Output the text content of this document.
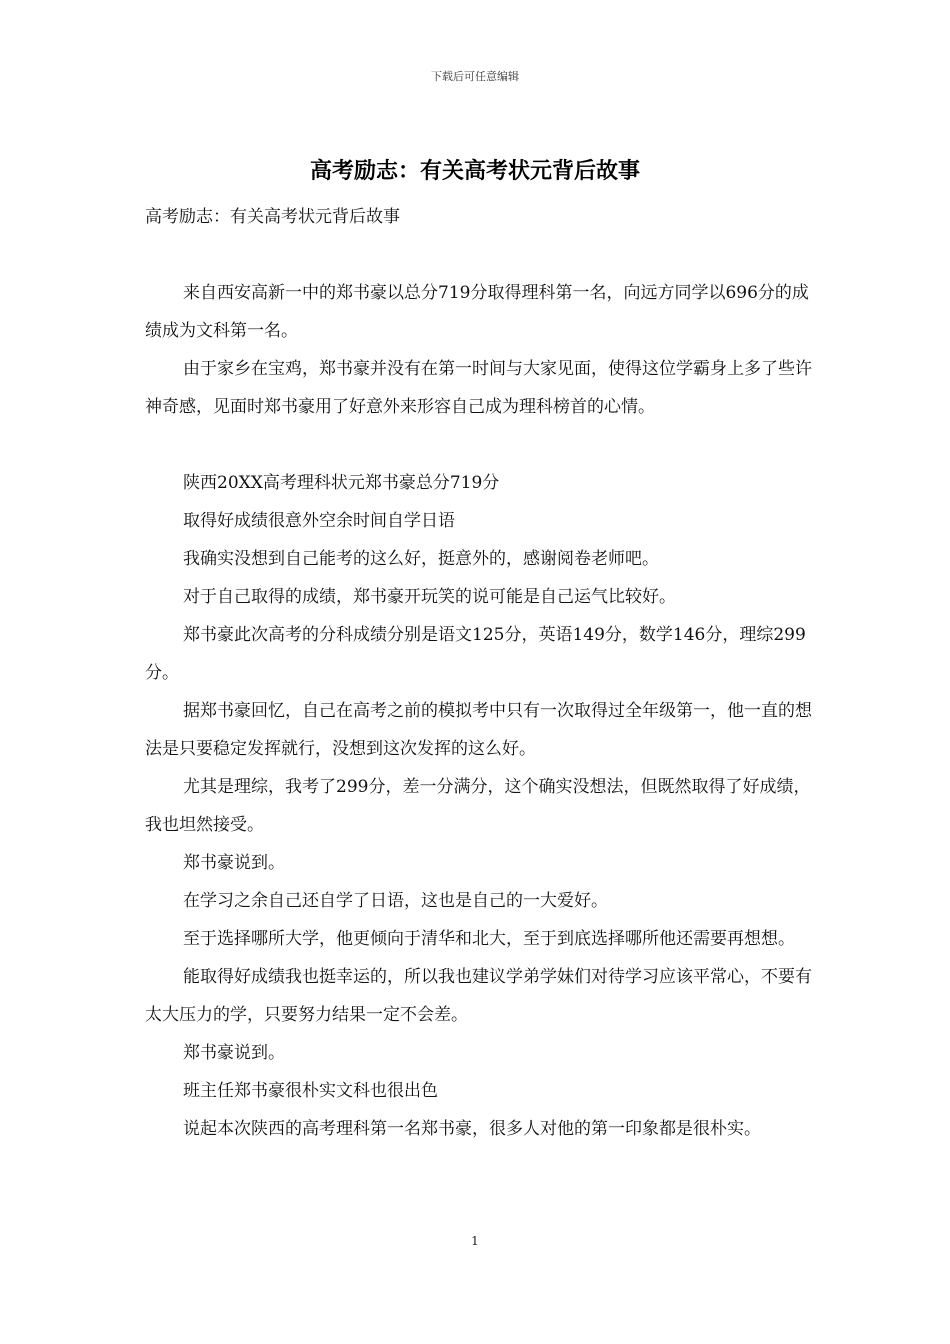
下载后可任意编辑
高考励志：有关高考状元背后故事

高考励志：有关高考状元背后故事

来自西安高新一中的郑书豪以总分719分取得理科第一名，向远方同学以696分的成绩成为文科第一名。

由于家乡在宝鸡，郑书豪并没有在第一时间与大家见面，使得这位学霸身上多了些许神奇感，见面时郑书豪用了好意外来形容自己成为理科榜首的心情。

陕西20XX高考理科状元郑书豪总分719分

取得好成绩很意外空余时间自学日语

我确实没想到自己能考的这么好，挺意外的，感谢阅卷老师吧。

对于自己取得的成绩，郑书豪开玩笑的说可能是自己运气比较好。

郑书豪此次高考的分科成绩分别是语文125分，英语149分，数学146分，理综299分。

据郑书豪回忆，自己在高考之前的模拟考中只有一次取得过全年级第一，他一直的想法是只要稳定发挥就行，没想到这次发挥的这么好。

尤其是理综，我考了299分，差一分满分，这个确实没想法，但既然取得了好成绩，我也坦然接受。

郑书豪说到。

在学习之余自己还自学了日语，这也是自己的一大爱好。

至于选择哪所大学，他更倾向于清华和北大，至于到底选择哪所他还需要再想想。

能取得好成绩我也挺幸运的，所以我也建议学弟学妹们对待学习应该平常心，不要有太大压力的学，只要努力结果一定不会差。

郑书豪说到。

班主任郑书豪很朴实文科也很出色

说起本次陕西的高考理科第一名郑书豪，很多人对他的第一印象都是很朴实。

1
